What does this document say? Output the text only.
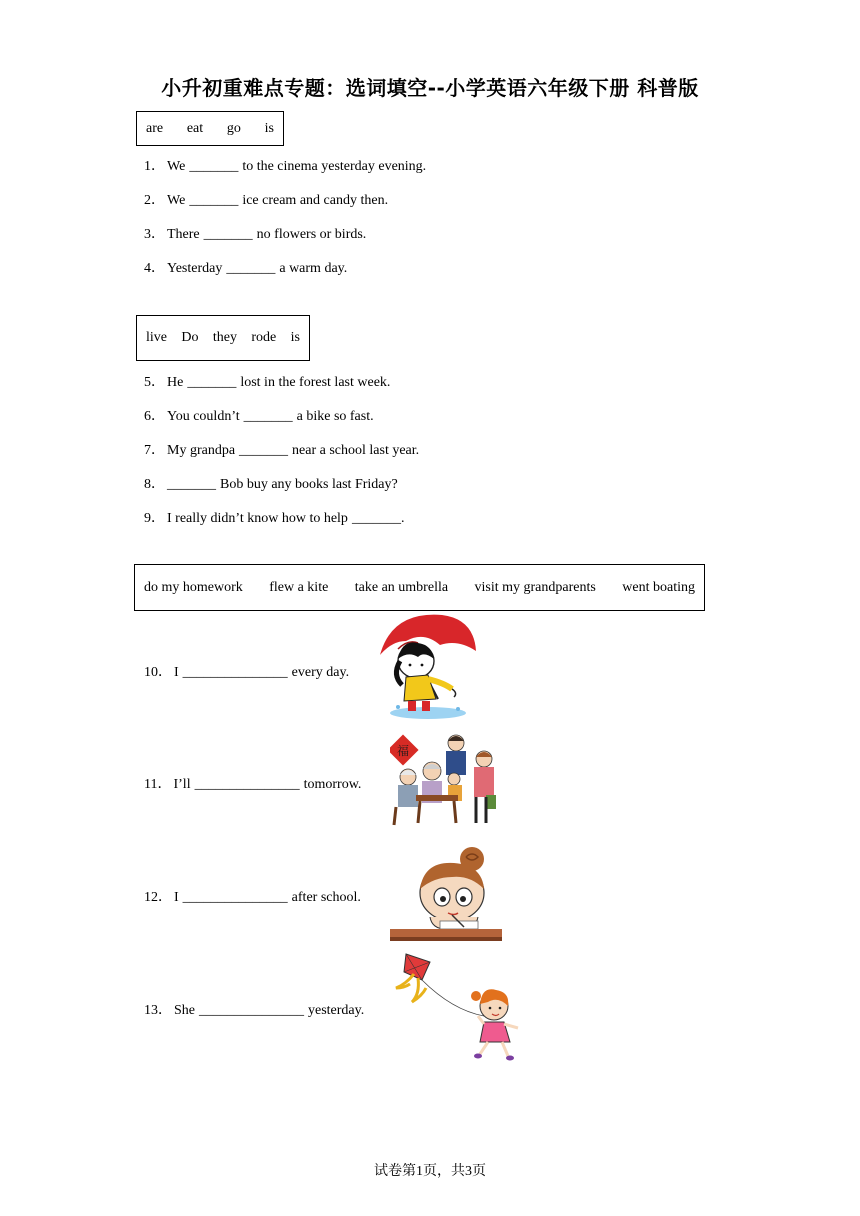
小升初重难点专题：选词填空--小学英语六年级下册 科普版
are eat go is
1． We _______ to the cinema yesterday evening.
2． We _______ ice cream and candy then.
3． There _______ no flowers or birds.
4． Yesterday _______ a warm day.
live Do they rode is
5． He _______ lost in the forest last week.
6． You couldn’t _______ a bike so fast.
7． My grandpa _______ near a school last year.
8． _______ Bob buy any books last Friday?
9． I really didn’t know how to help _______.
do my homework flew a kite take an umbrella visit my grandparents went boating
10． I _______________ every day.
11． I’ll _______________ tomorrow.
12． I _______________ after school.
13． She _______________ yesterday.
福
试卷第1页，共3页
